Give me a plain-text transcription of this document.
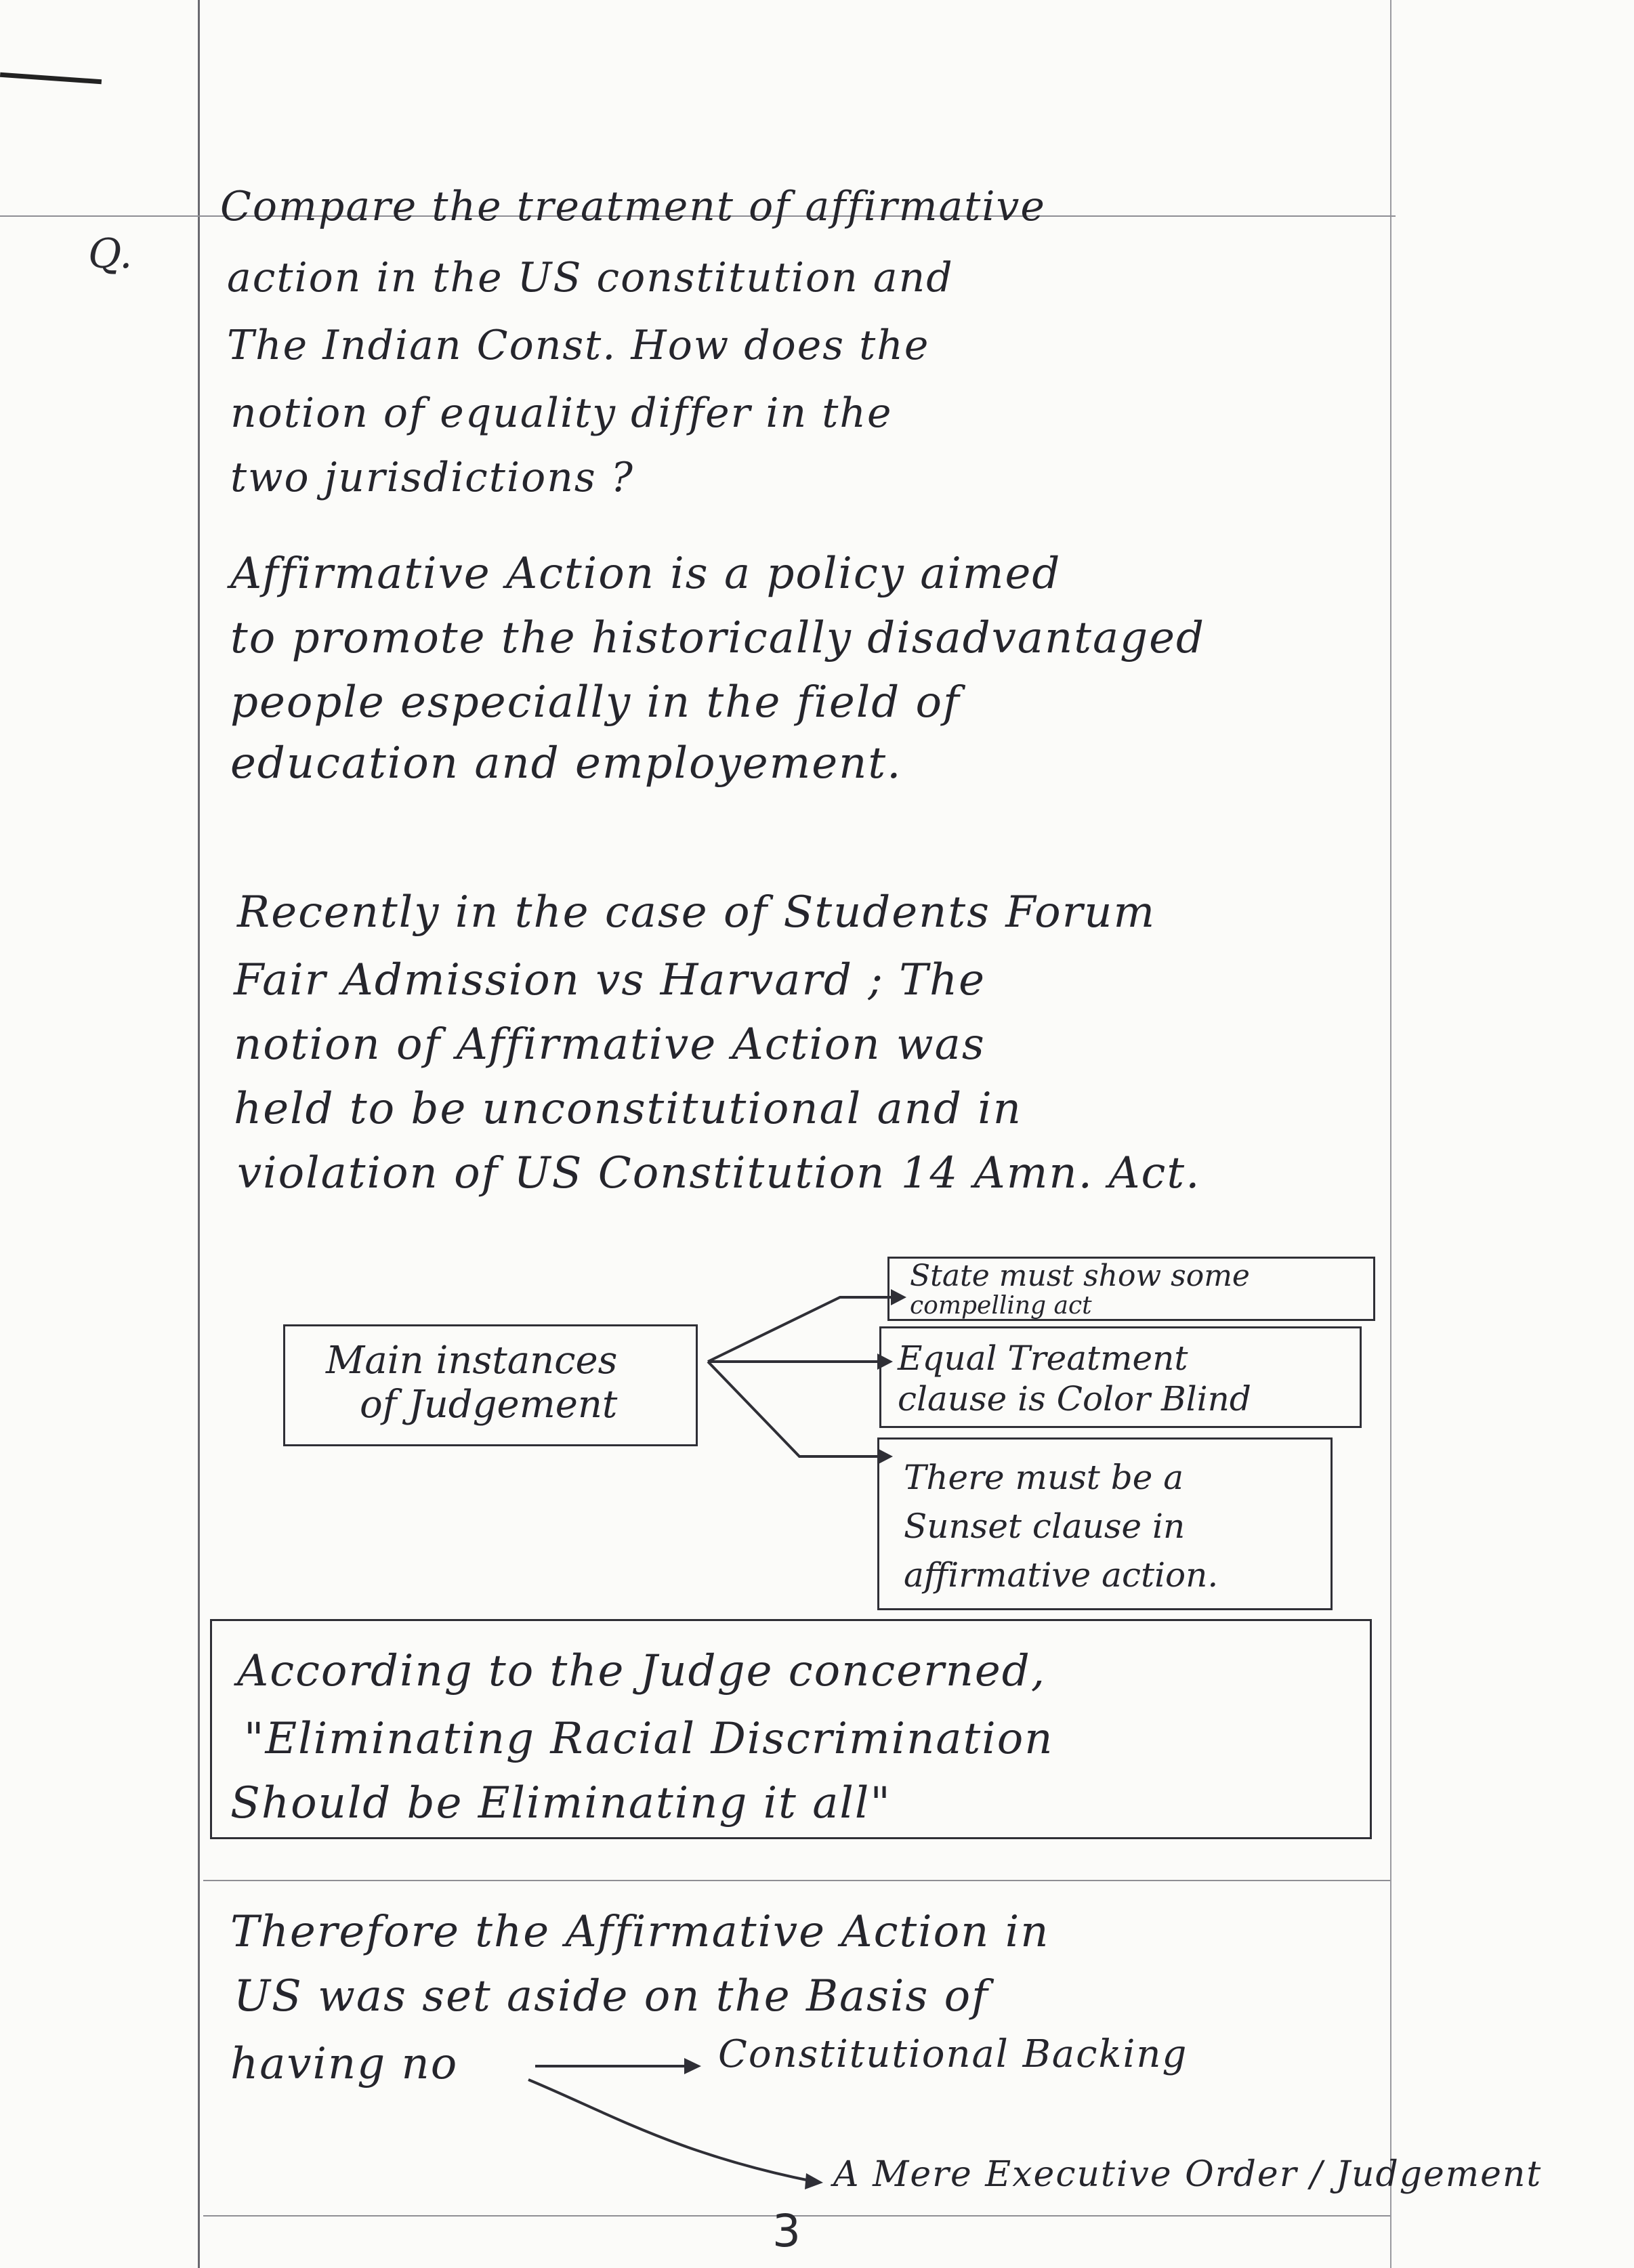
Q.
Compare the treatment of affirmative
action in the US constitution and
The Indian Const. How does the
notion of equality differ in the
two jurisdictions ?
Affirmative Action is a policy aimed
to promote the historically disadvantaged
people especially in the field of
education and employement.
Recently in the case of Students Forum
Fair Admission vs Harvard ; The
notion of Affirmative Action was
held to be unconstitutional and in
violation of US Constitution 14 Amn. Act.
Main instances
of Judgement
State must show some
compelling act
Equal Treatment
clause is Color Blind
There must be a
Sunset clause in
affirmative action.
According to the Judge concerned,
"Eliminating Racial Discrimination
Should be Eliminating it all"
Therefore the Affirmative Action in
US was set aside on the Basis of
having no	Constitutional Backing
A Mere Executive Order / Judgement
3
